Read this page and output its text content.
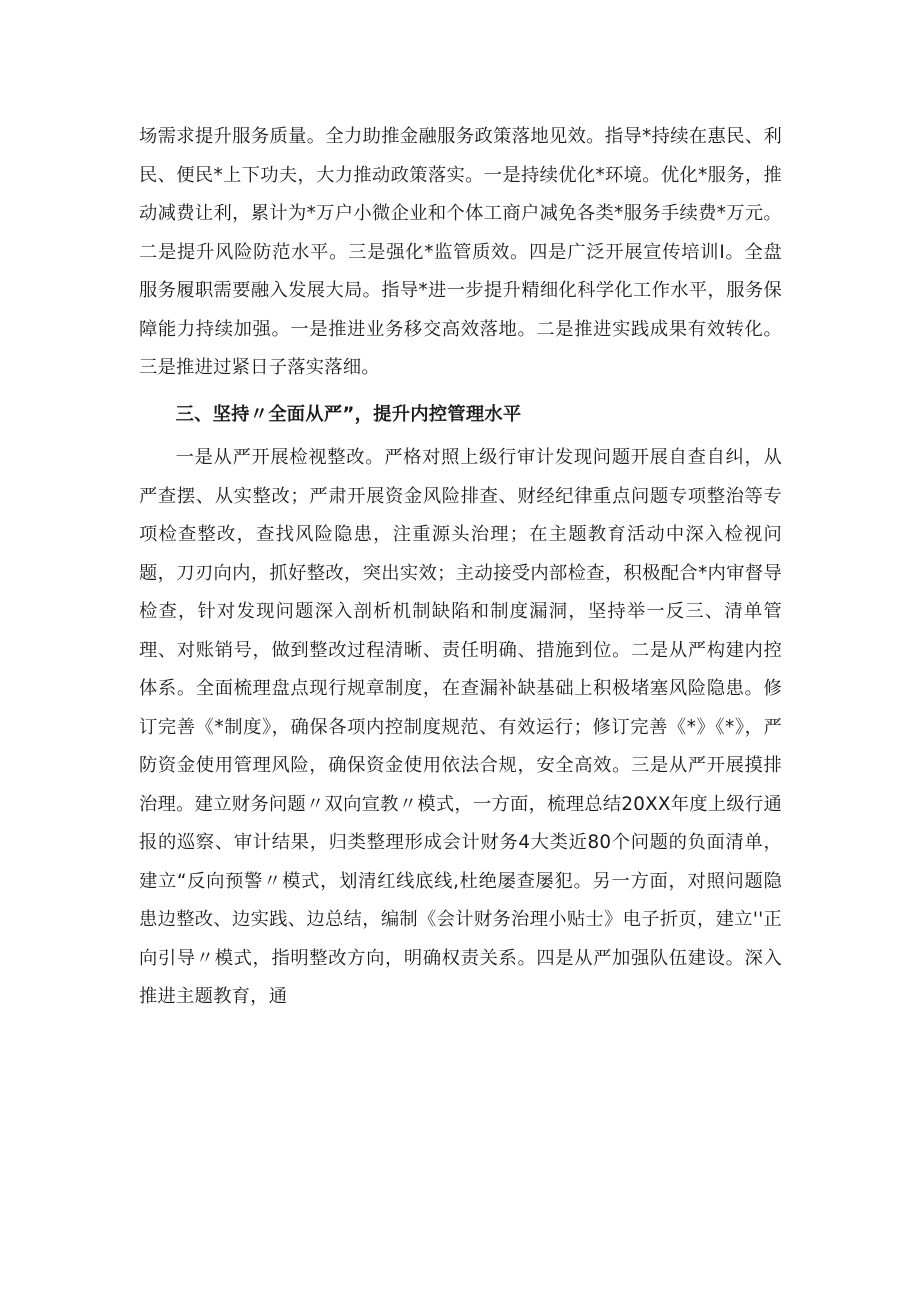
场需求提升服务质量。全力助推金融服务政策落地见效。指导*持续在惠民、利民、便民*上下功夫，大力推动政策落实。一是持续优化*环境。优化*服务，推动减费让利，累计为*万户小微企业和个体工商户减免各类*服务手续费*万元。二是提升风险防范水平。三是强化*监管质效。四是广泛开展宣传培训I。全盘服务履职需要融入发展大局。指导*进一步提升精细化科学化工作水平，服务保障能力持续加强。一是推进业务移交高效落地。二是推进实践成果有效转化。三是推进过紧日子落实落细。

三、坚持〃全面从严”，提升内控管理水平

一是从严开展检视整改。严格对照上级行审计发现问题开展自查自纠，从严查摆、从实整改；严肃开展资金风险排查、财经纪律重点问题专项整治等专项检查整改，查找风险隐患，注重源头治理；在主题教育活动中深入检视问题，刀刃向内，抓好整改，突出实效；主动接受内部检查，积极配合*内审督导检查，针对发现问题深入剖析机制缺陷和制度漏洞，坚持举一反三、清单管理、对账销号，做到整改过程清晰、责任明确、措施到位。二是从严构建内控体系。全面梳理盘点现行规章制度，在查漏补缺基础上积极堵塞风险隐患。修订完善《*制度》，确保各项内控制度规范、有效运行；修订完善《*》《*》，严防资金使用管理风险，确保资金使用依法合规，安全高效。三是从严开展摸排治理。建立财务问题〃双向宣教〃模式，一方面，梳理总结20XX年度上级行通报的巡察、审计结果，归类整理形成会计财务4大类近80个问题的负面清单，建立“反向预警〃模式，划清红线底线,杜绝屡查屡犯。另一方面，对照问题隐患边整改、边实践、边总结，编制《会计财务治理小贴士》电子折页，建立''正向引导〃模式，指明整改方向，明确权责关系。四是从严加强队伍建设。深入推进主题教育，通
